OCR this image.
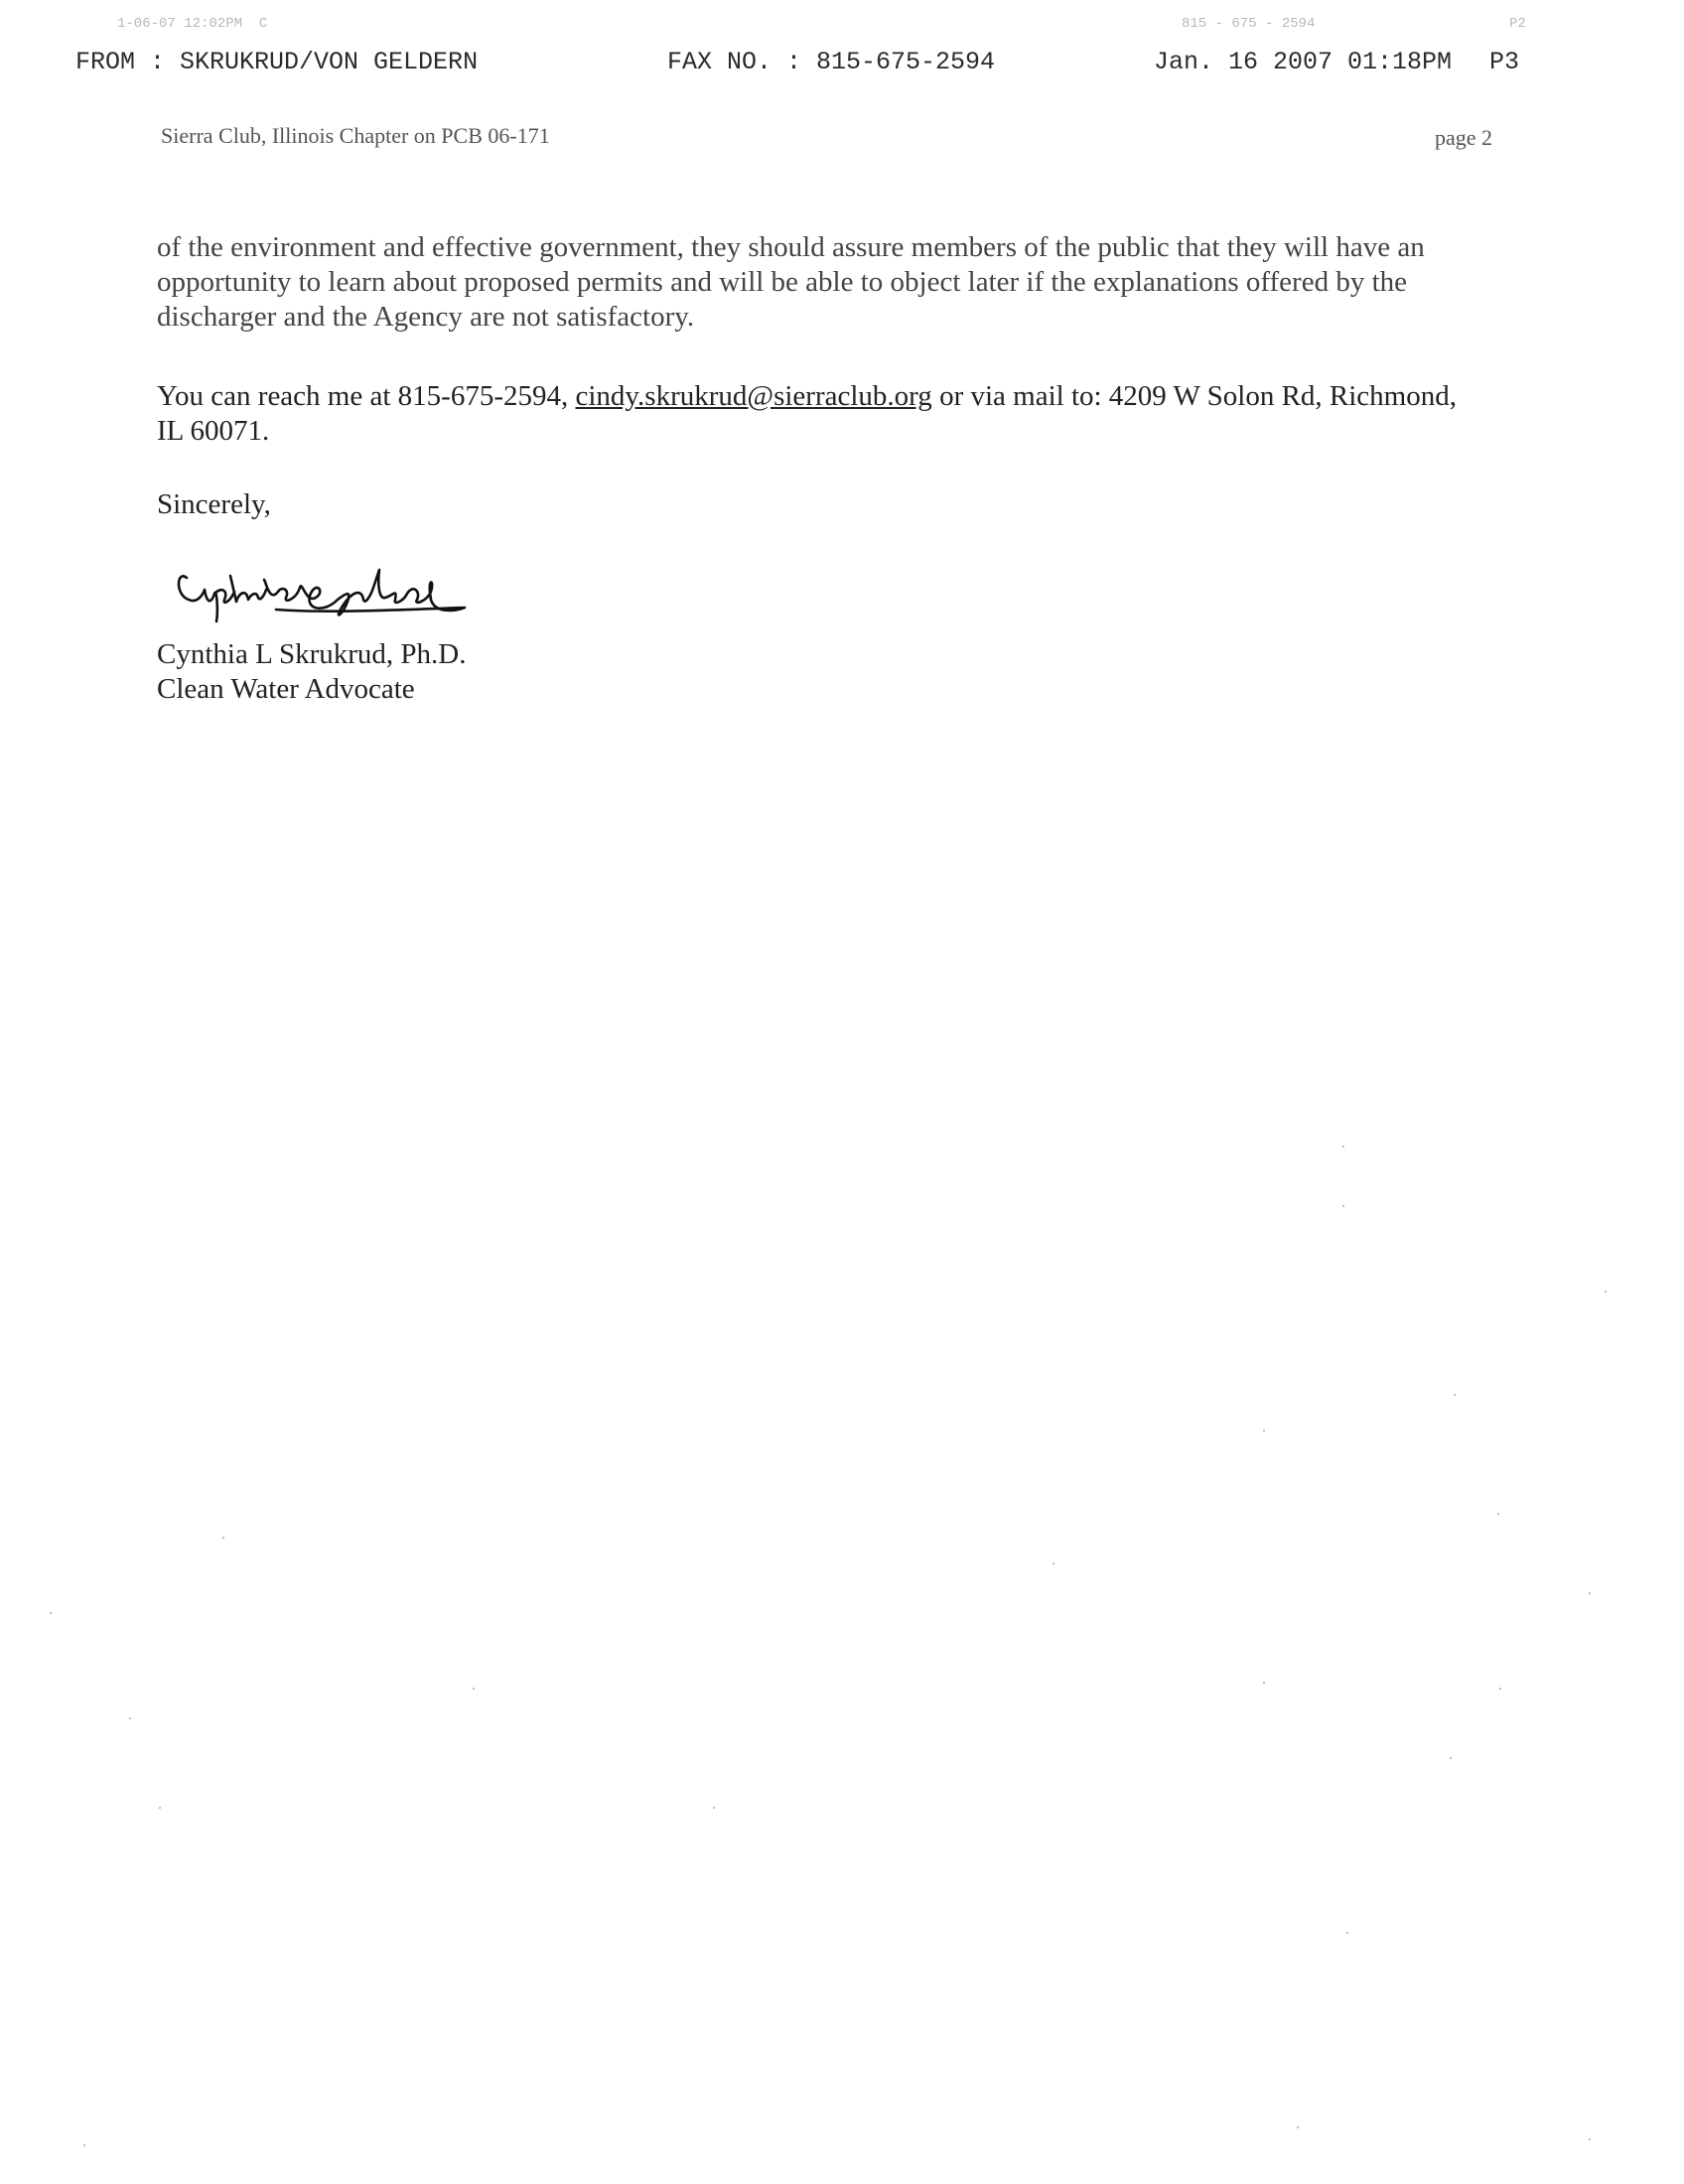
1-06-07 12:02PM  C	815 - 675 - 2594	P2
FROM : SKRUKRUD/VON GELDERN	FAX NO. : 815-675-2594	Jan. 16 2007 01:18PM P3
Sierra Club, Illinois Chapter on PCB 06-171	page 2
of the environment and effective government, they should assure members of the public that they will have an opportunity to learn about proposed permits and will be able to object later if the explanations offered by the discharger and the Agency are not satisfactory.
You can reach me at 815-675-2594, cindy.skrukrud@sierraclub.org or via mail to: 4209 W Solon Rd, Richmond, IL 60071.
Sincerely,
Cynthia L Skrukrud, Ph.D.
Clean Water Advocate
